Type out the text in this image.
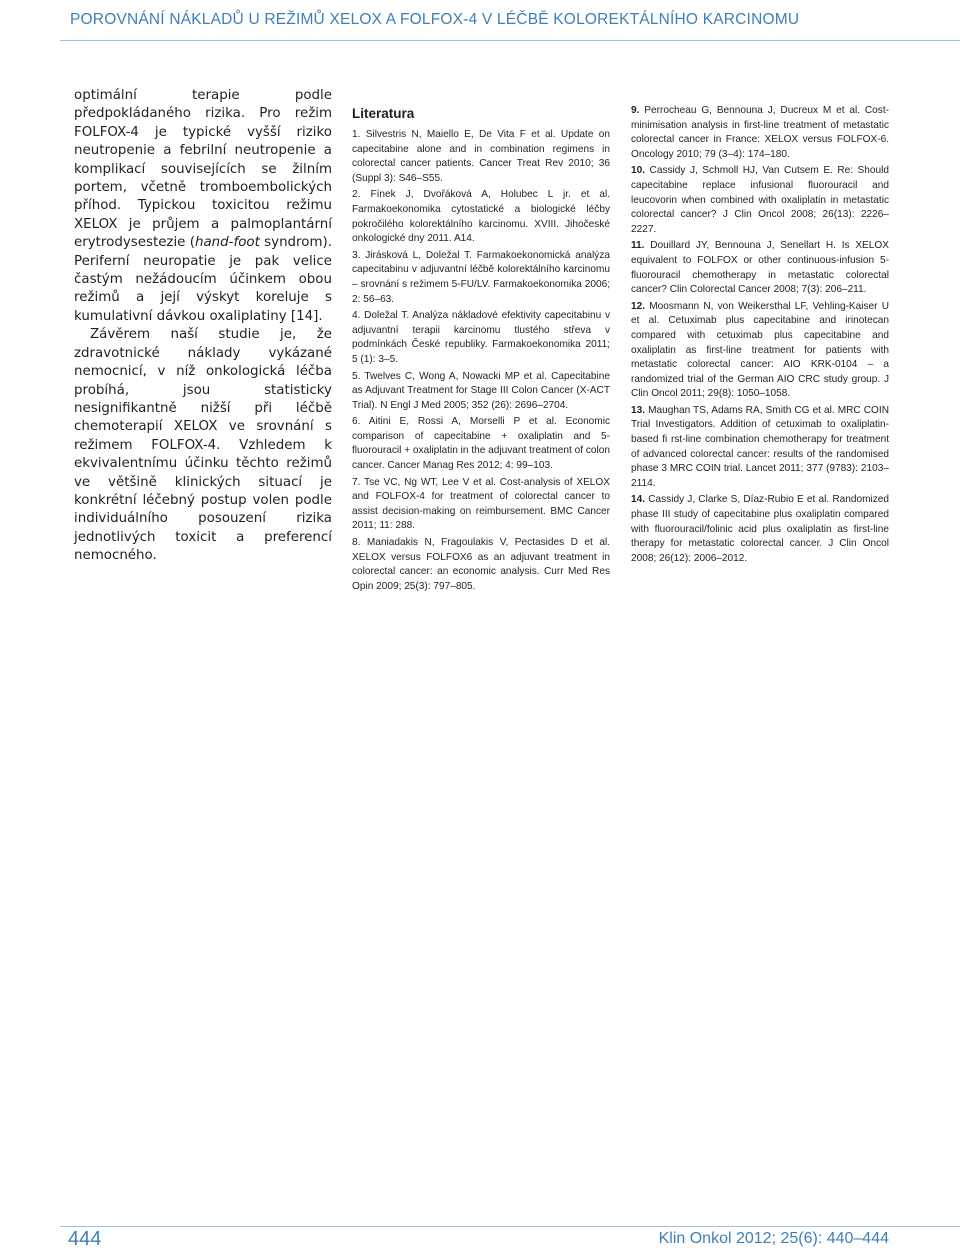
POROVNÁNÍ NÁKLADŮ U REŽIMŮ XELOX A FOLFOX-4 V LÉČBĚ KOLOREKTÁLNÍHO KARCINOMU

optimální terapie podle předpokládaného rizika. Pro režim FOLFOX-4 je typické vyšší riziko neutropenie a febrilní neutropenie a komplikací souvisejících se žilním portem, včetně tromboembolických příhod. Typickou toxicitou režimu XELOX je průjem a palmoplantární erytrodysestezie (hand-foot syndrom). Periferní neuropatie je pak velice častým nežádoucím účinkem obou režimů a její výskyt koreluje s kumulativní dávkou oxaliplatiny [14].

Závěrem naší studie je, že zdravotnické náklady vykázané nemocnicí, v níž onkologická léčba probíhá, jsou statisticky nesignifikantně nižší při léčbě chemoterapií XELOX ve srovnání s režimem FOLFOX-4. Vzhledem k ekvivalentnímu účinku těchto režimů ve většině klinických situací je konkrétní léčebný postup volen podle individuálního posouzení rizika jednotlivých toxicit a preferencí nemocného.

Literatura

1. Silvestris N, Maiello E, De Vita F et al. Update on capecitabine alone and in combination regimens in colorectal cancer patients. Cancer Treat Rev 2010; 36 (Suppl 3): S46–S55.

2. Fínek J, Dvořáková A, Holubec L jr. et al. Farmakoekonomika cytostatické a biologické léčby pokročilého kolorektálního karcinomu. XVIII. Jihočeské onkologické dny 2011. A14.

3. Jirásková L, Doležal T. Farmakoekonomická analýza capecitabinu v adjuvantní léčbě kolorektálního karcinomu – srovnání s režimem 5-FU/LV. Farmakoekonomika 2006; 2: 56–63.

4. Doležal T. Analýza nákladové efektivity capecitabinu v adjuvantní terapii karcinomu tlustého střeva v podmínkách České republiky. Farmakoekonomika 2011; 5 (1): 3–5.

5. Twelves C, Wong A, Nowacki MP et al. Capecitabine as Adjuvant Treatment for Stage III Colon Cancer (X-ACT Trial). N Engl J Med 2005; 352 (26): 2696–2704.

6. Aitini E, Rossi A, Morselli P et al. Economic comparison of capecitabine + oxaliplatin and 5-fluorouracil + oxaliplatin in the adjuvant treatment of colon cancer. Cancer Manag Res 2012; 4: 99–103.

7. Tse VC, Ng WT, Lee V et al. Cost-analysis of XELOX and FOLFOX-4 for treatment of colorectal cancer to assist decision-making on reimbursement. BMC Cancer 2011; 11: 288.

8. Maniadakis N, Fragoulakis V, Pectasides D et al. XELOX versus FOLFOX6 as an adjuvant treatment in colorectal cancer: an economic analysis. Curr Med Res Opin 2009; 25(3): 797–805.

9. Perrocheau G, Bennouna J, Ducreux M et al. Cost-minimisation analysis in first-line treatment of metastatic colorectal cancer in France: XELOX versus FOLFOX-6. Oncology 2010; 79 (3–4): 174–180.

10. Cassidy J, Schmoll HJ, Van Cutsem E. Re: Should capecitabine replace infusional fluorouracil and leucovorin when combined with oxaliplatin in metastatic colorectal cancer? J Clin Oncol 2008; 26(13): 2226–2227.

11. Douillard JY, Bennouna J, Senellart H. Is XELOX equivalent to FOLFOX or other continuous-infusion 5-fluorouracil chemotherapy in metastatic colorectal cancer? Clin Colorectal Cancer 2008; 7(3): 206–211.

12. Moosmann N, von Weikersthal LF, Vehling-Kaiser U et al. Cetuximab plus capecitabine and irinotecan compared with cetuximab plus capecitabine and oxaliplatin as first-line treatment for patients with metastatic colorectal cancer: AIO KRK-0104 – a randomized trial of the German AIO CRC study group. J Clin Oncol 2011; 29(8): 1050–1058.

13. Maughan TS, Adams RA, Smith CG et al. MRC COIN Trial Investigators. Addition of cetuximab to oxaliplatin-based fi rst-line combination chemotherapy for treatment of advanced colorectal cancer: results of the randomised phase 3 MRC COIN trial. Lancet 2011; 377 (9783): 2103–2114.

14. Cassidy J, Clarke S, Díaz-Rubio E et al. Randomized phase III study of capecitabine plus oxaliplatin compared with fluorouracil/folinic acid plus oxaliplatin as first-line therapy for metastatic colorectal cancer. J Clin Oncol 2008; 26(12): 2006–2012.

444	Klin Onkol 2012; 25(6): 440–444
